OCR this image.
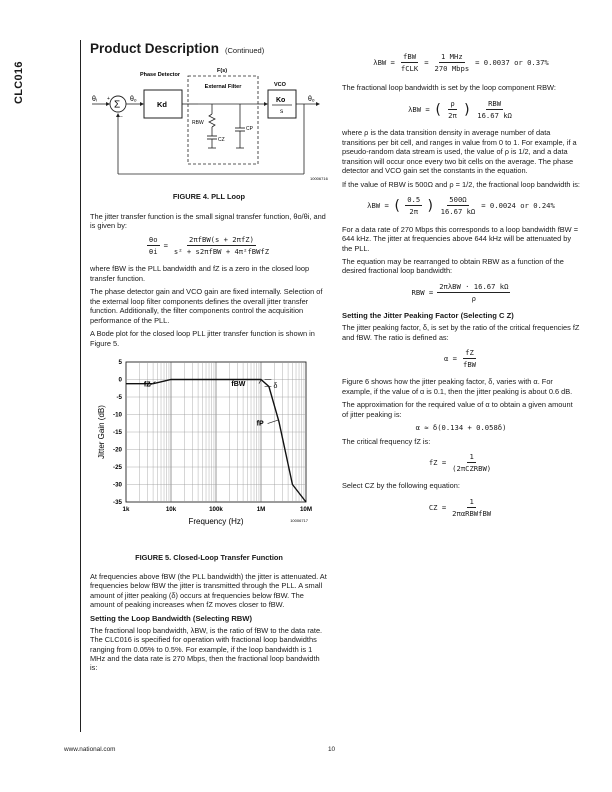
CLC016
Product Description (Continued)
θᵢ Σ
+
−
θₒ
Phase Detector
Kd
F(s)
External Filter
RBW
CZ
CP
VCO
Ko
s
θₒ
10006716
FIGURE 4. PLL Loop
The jitter transfer function is the small signal transfer function, θo/θi, and is given by:
$\frac{\theta o}{\theta i} = \frac{\text{2πfBW(s + 2πfZ)}}{\text{s² + s2πfBW + 4π²fBWfZ}}$
where fBW is the PLL bandwidth and fZ is a zero in the closed loop transfer function.
The phase detector gain and VCO gain are fixed internally. Selection of the external loop filter components defines the overall jitter transfer function. Additionally, the filter components control the acquisition performance of the PLL.
A Bode plot for the closed loop PLL jitter transfer function is shown in Figure 5.
5
0
-5
-10
-15
-20
-25
-30
-35
1k	10k	100k	1M	10M
Frequency (Hz)
Jitter Gain (dB)
fZ	fBW	δ
fP
10006717
FIGURE 5. Closed-Loop Transfer Function
At frequencies above fBW (the PLL bandwidth) the jitter is attenuated. At frequencies below fBW the jitter is transmitted through the PLL. A small amount of jitter peaking (δ) occurs at frequencies below fBW. The amount of peaking increases when fZ moves closer to fBW.
Setting the Loop Bandwidth (Selecting RBW)
The fractional loop bandwidth, λBW, is the ratio of fBW to the data rate. The CLC016 is specified for operation with fractional loop bandwidths ranging from 0.05% to 0.5%. For example, if the loop bandwidth is 1 MHz and the data rate is 270 Mbps, then the fractional loop bandwidth is:
$\lambda BW = \frac{\text{fBW}}{\text{fCLK}} = \frac{\text{1 MHz}}{\text{270 Mbps}} = 0.0037$ or 0.37%
The fractional loop bandwidth is set by the loop component RBW:
λBW = ( $\frac{\rho}{2\pi}$ ) $\frac{\text{RBW}}{16.67 k\Omega}$
where ρ is the data transition density in average number of data transitions per bit cell, and ranges in value from 0 to 1. For example, if a pseudo-random data stream is used, the value of ρ is 1/2, and a data transition will occur once every two bit cells on the average. The phase detector and VCO gain set the constants in the equation.
If the value of RBW is 500Ω and ρ = 1/2, the fractional loop bandwidth is:
λBW = ( $\frac{0.5}{2\pi}$ ) $\frac{500\Omega}{16.67 k\Omega} = 0.0024$ or 0.24%
For a data rate of 270 Mbps this corresponds to a loop bandwidth fBW = 644 kHz. The jitter at frequencies above 644 kHz will be attenuated by the PLL.
The equation may be rearranged to obtain RBW as a function of the desired fractional loop bandwidth:
RBW = $\frac{\text{2πλBW · 16.67 kΩ}}{\rho}$
Setting the Jitter Peaking Factor (Selecting C Z)
The jitter peaking factor, δ, is set by the ratio of the critical frequencies fZ and fBW. The ratio is defined as:
$\alpha = \frac{fZ}{\text{fBW}}$
Figure 6 shows how the jitter peaking factor, δ, varies with α. For example, if the value of α is 0.1, then the jitter peaking is about 0.6 dB.
The approximation for the required value of α to obtain a given amount of jitter peaking is:
α ≈ δ(0.134 + 0.058δ)
The critical frequency fZ is:
fZ = $\frac{1}{\text{(2πCZRBW)}}$
Select CZ by the following equation:
CZ = $\frac{1}{\text{2παRBWfBW}}$
www.national.com	10
